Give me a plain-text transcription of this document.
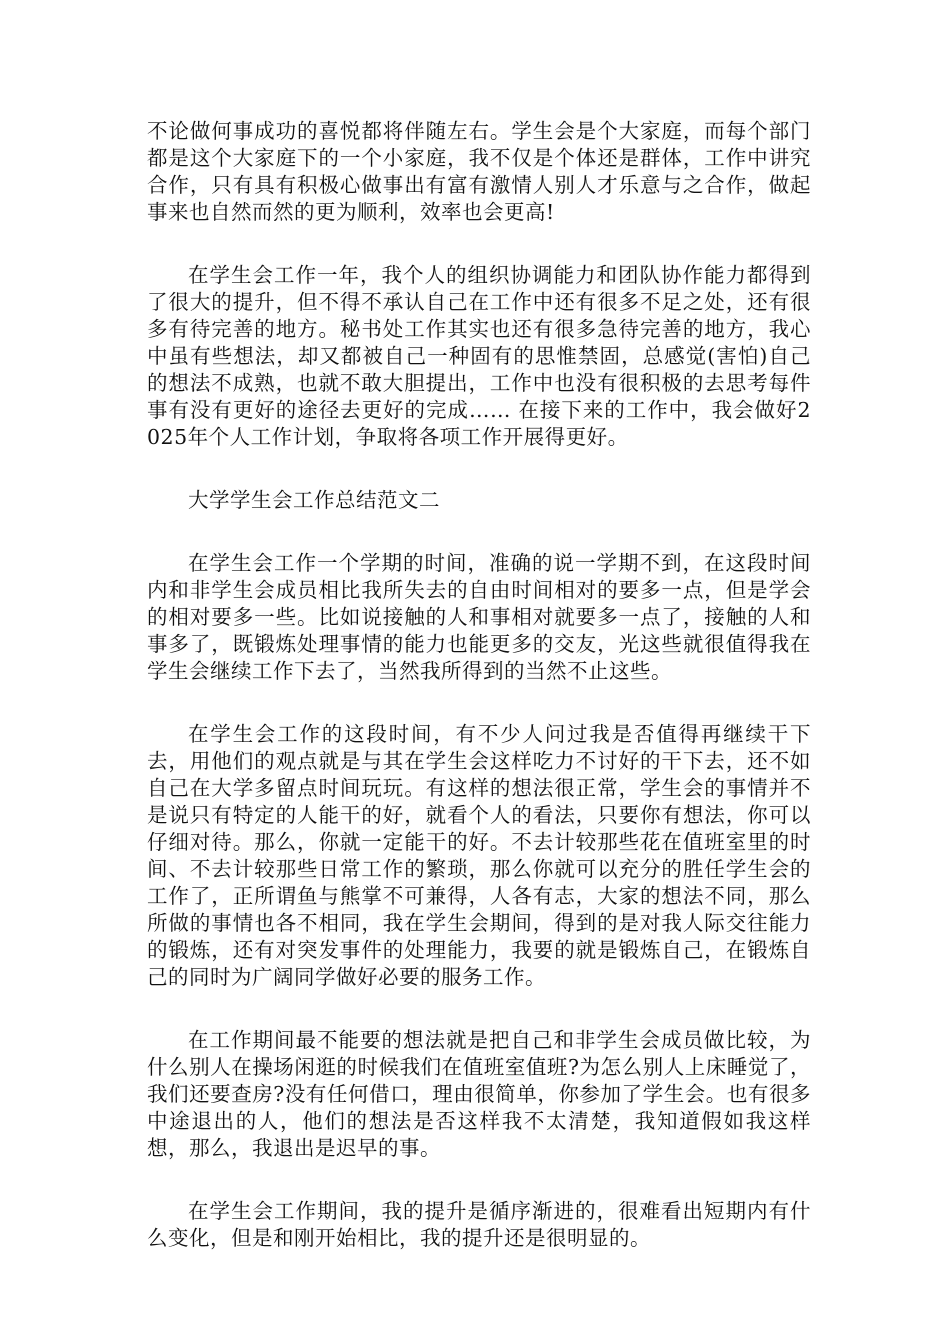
不论做何事成功的喜悦都将伴随左右。学生会是个大家庭，而每个部门都是这个大家庭下的一个小家庭，我不仅是个体还是群体，工作中讲究合作，只有具有积极心做事出有富有激情人别人才乐意与之合作，做起事来也自然而然的更为顺利，效率也会更高!

在学生会工作一年，我个人的组织协调能力和团队协作能力都得到了很大的提升，但不得不承认自己在工作中还有很多不足之处，还有很多有待完善的地方。秘书处工作其实也还有很多急待完善的地方，我心中虽有些想法，却又都被自己一种固有的思惟禁固，总感觉(害怕)自己的想法不成熟，也就不敢大胆提出，工作中也没有很积极的去思考每件事有没有更好的途径去更好的完成…… 在接下来的工作中，我会做好2025年个人工作计划，争取将各项工作开展得更好。

大学学生会工作总结范文二

在学生会工作一个学期的时间，准确的说一学期不到，在这段时间内和非学生会成员相比我所失去的自由时间相对的要多一点，但是学会的相对要多一些。比如说接触的人和事相对就要多一点了，接触的人和事多了，既锻炼处理事情的能力也能更多的交友，光这些就很值得我在学生会继续工作下去了，当然我所得到的当然不止这些。

在学生会工作的这段时间，有不少人问过我是否值得再继续干下去，用他们的观点就是与其在学生会这样吃力不讨好的干下去，还不如自己在大学多留点时间玩玩。有这样的想法很正常，学生会的事情并不是说只有特定的人能干的好，就看个人的看法，只要你有想法，你可以仔细对待。那么，你就一定能干的好。不去计较那些花在值班室里的时间、不去计较那些日常工作的繁琐，那么你就可以充分的胜任学生会的工作了，正所谓鱼与熊掌不可兼得，人各有志，大家的想法不同，那么所做的事情也各不相同，我在学生会期间，得到的是对我人际交往能力的锻炼，还有对突发事件的处理能力，我要的就是锻炼自己，在锻炼自己的同时为广阔同学做好必要的服务工作。

在工作期间最不能要的想法就是把自己和非学生会成员做比较，为什么别人在操场闲逛的时候我们在值班室值班?为怎么别人上床睡觉了，我们还要查房?没有任何借口，理由很简单，你参加了学生会。也有很多中途退出的人，他们的想法是否这样我不太清楚，我知道假如我这样想，那么，我退出是迟早的事。

在学生会工作期间，我的提升是循序渐进的，很难看出短期内有什么变化，但是和刚开始相比，我的提升还是很明显的。
